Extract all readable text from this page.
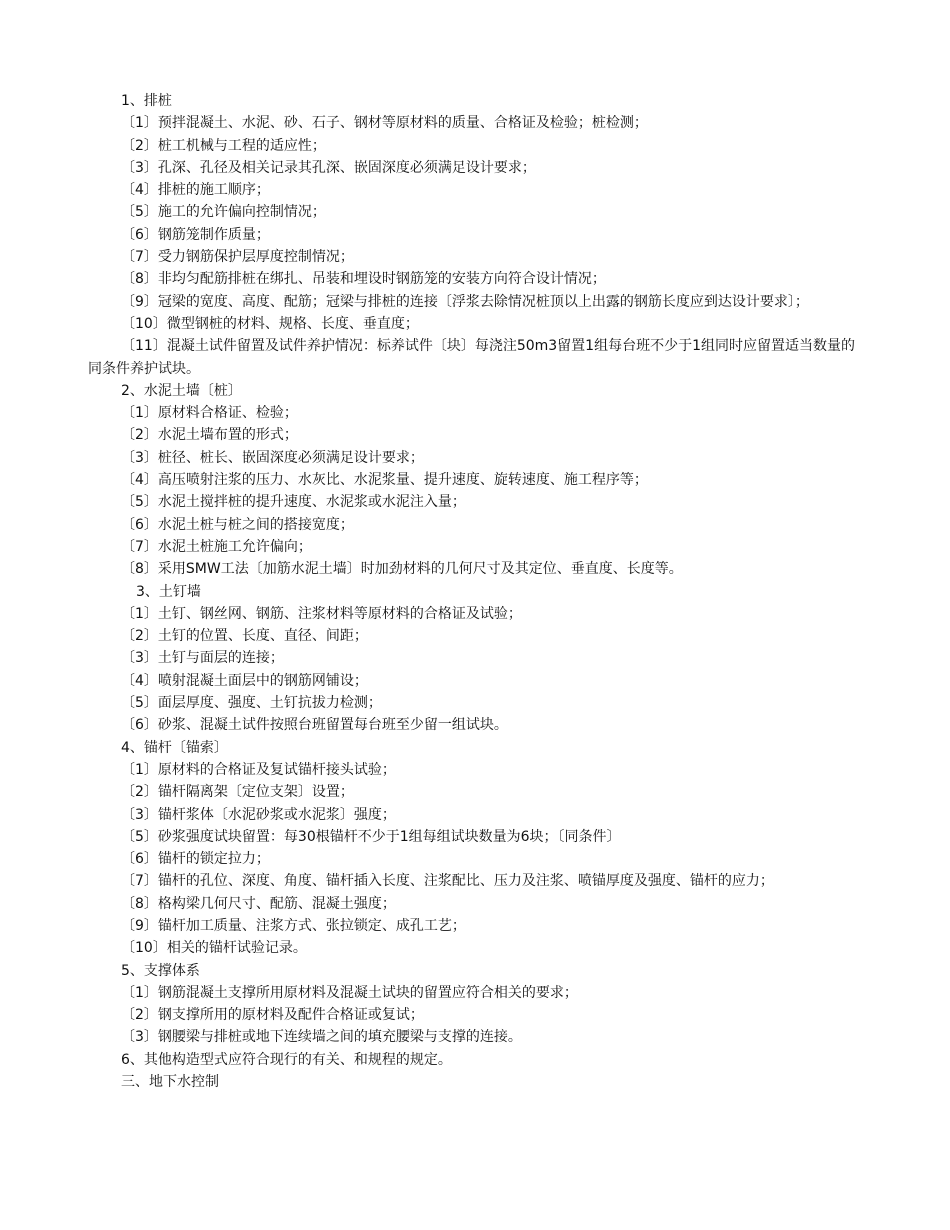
1、排桩

〔1〕预拌混凝土、水泥、砂、石子、钢材等原材料的质量、合格证及检验；桩检测；

〔2〕桩工机械与工程的适应性；

〔3〕孔深、孔径及相关记录其孔深、嵌固深度必须满足设计要求；

〔4〕排桩的施工顺序；

〔5〕施工的允许偏向控制情况；

〔6〕钢筋笼制作质量；

〔7〕受力钢筋保护层厚度控制情况；

〔8〕非均匀配筋排桩在绑扎、吊装和埋设时钢筋笼的安装方向符合设计情况；

〔9〕冠梁的宽度、高度、配筋；冠梁与排桩的连接〔浮浆去除情况桩顶以上出露的钢筋长度应到达设计要求〕；

〔10〕微型钢桩的材料、规格、长度、垂直度；

〔11〕混凝土试件留置及试件养护情况：标养试件〔块〕每浇注50m3留置1组每台班不少于1组同时应留置适当数量的同条件养护试块。

2、水泥土墙〔桩〕

〔1〕原材料合格证、检验；

〔2〕水泥土墙布置的形式；

〔3〕桩径、桩长、嵌固深度必须满足设计要求；

〔4〕高压喷射注浆的压力、水灰比、水泥浆量、提升速度、旋转速度、施工程序等；

〔5〕水泥土搅拌桩的提升速度、水泥浆或水泥注入量；

〔6〕水泥土桩与桩之间的搭接宽度；

〔7〕水泥土桩施工允许偏向；

〔8〕采用SMW工法〔加筋水泥土墙〕时加劲材料的几何尺寸及其定位、垂直度、长度等。

3、土钉墙

〔1〕土钉、钢丝网、钢筋、注浆材料等原材料的合格证及试验；

〔2〕土钉的位置、长度、直径、间距；

〔3〕土钉与面层的连接；

〔4〕喷射混凝土面层中的钢筋网铺设；

〔5〕面层厚度、强度、土钉抗拔力检测；

〔6〕砂浆、混凝土试件按照台班留置每台班至少留一组试块。

4、锚杆〔锚索〕

〔1〕原材料的合格证及复试锚杆接头试验；

〔2〕锚杆隔离架〔定位支架〕设置；

〔3〕锚杆浆体〔水泥砂浆或水泥浆〕强度；

〔5〕砂浆强度试块留置：每30根锚杆不少于1组每组试块数量为6块；〔同条件〕

〔6〕锚杆的锁定拉力；

〔7〕锚杆的孔位、深度、角度、锚杆插入长度、注浆配比、压力及注浆、喷锚厚度及强度、锚杆的应力；

〔8〕格构梁几何尺寸、配筋、混凝土强度；

〔9〕锚杆加工质量、注浆方式、张拉锁定、成孔工艺；

〔10〕相关的锚杆试验记录。

5、支撑体系

〔1〕钢筋混凝土支撑所用原材料及混凝土试块的留置应符合相关的要求；

〔2〕钢支撑所用的原材料及配件合格证或复试；

〔3〕钢腰梁与排桩或地下连续墙之间的填充腰梁与支撑的连接。

6、其他构造型式应符合现行的有关、和规程的规定。

三、地下水控制
